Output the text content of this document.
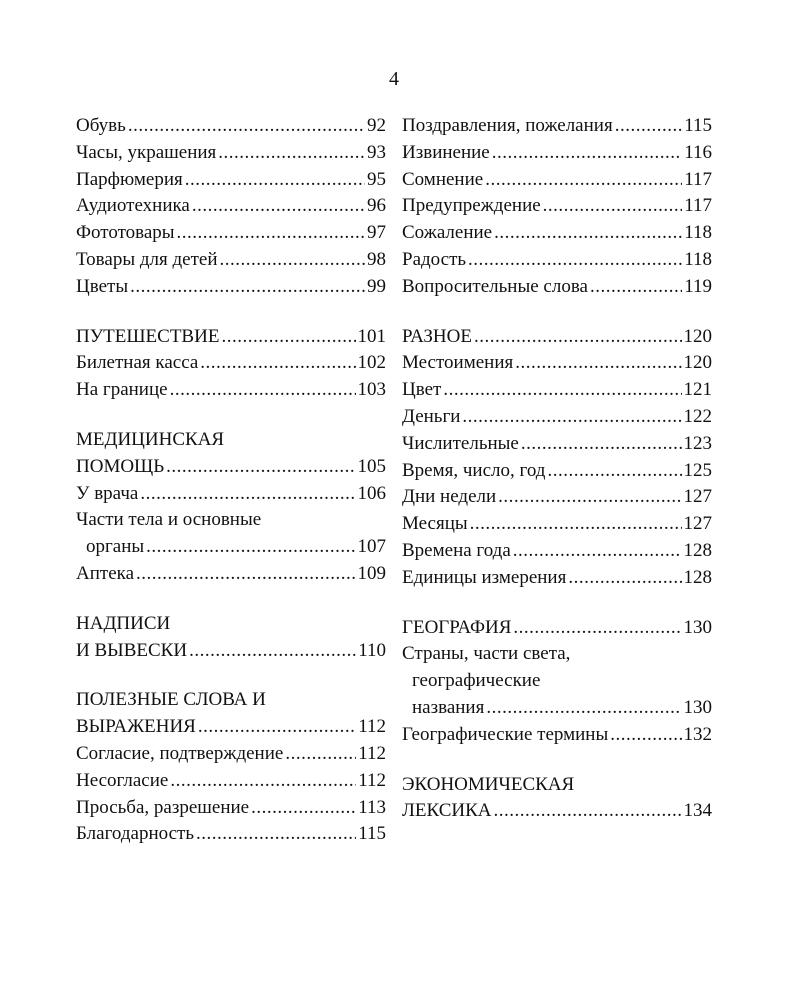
4
Обувь .....	92
Часы, украшения .....	93
Парфюмерия .....	95
Аудиотехника .....	96
Фототовары .....	97
Товары для детей .....	98
Цветы .....	99
ПУТЕШЕСТВИЕ .....	101
Билетная касса .....	102
На границе .....	103
МЕДИЦИНСКАЯ
ПОМОЩЬ .....	105
У врача .....	106
Части тела и основные
органы .....	107
Аптека .....	109
НАДПИСИ
И ВЫВЕСКИ .....	110
ПОЛЕЗНЫЕ СЛОВА И
ВЫРАЖЕНИЯ .....	112
Согласие, подтверждение .....	112
Несогласие .....	112
Просьба, разрешение .....	113
Благодарность .....	115
Поздравления, пожелания .....	115
Извинение .....	116
Сомнение .....	117
Предупреждение .....	117
Сожаление .....	118
Радость .....	118
Вопросительные слова .....	119
РАЗНОЕ .....	120
Местоимения .....	120
Цвет .....	121
Деньги .....	122
Числительные .....	123
Время, число, год .....	125
Дни недели .....	127
Месяцы .....	127
Времена года .....	128
Единицы измерения .....	128
ГЕОГРАФИЯ .....	130
Страны, части света,
географические
названия .....	130
Географические термины .....	132
ЭКОНОМИЧЕСКАЯ
ЛЕКСИКА .....	134
